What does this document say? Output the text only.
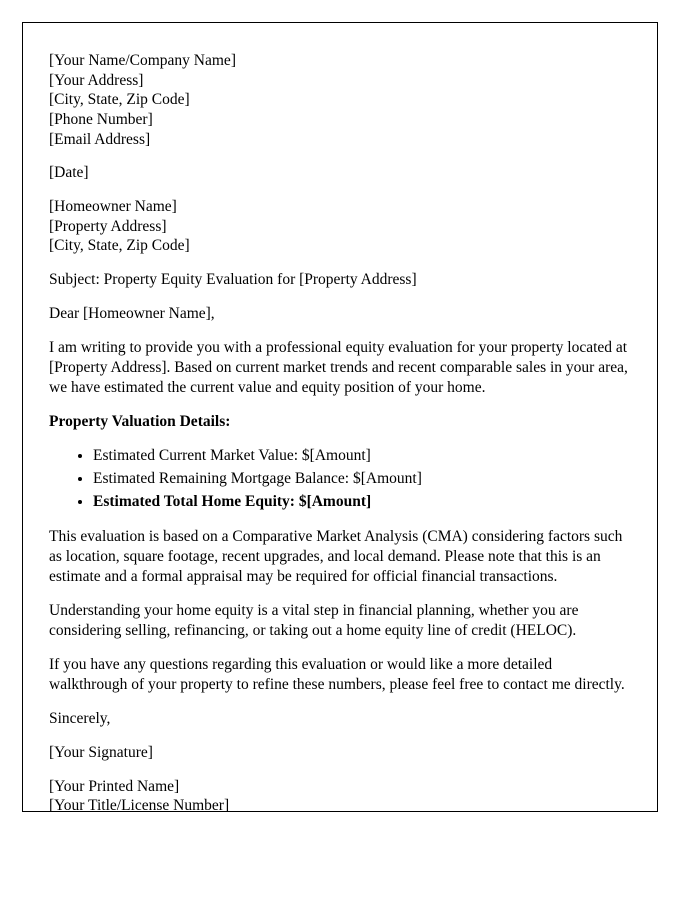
[Your Name/Company Name]
[Your Address]
[City, State, Zip Code]
[Phone Number]
[Email Address]
[Date]
[Homeowner Name]
[Property Address]
[City, State, Zip Code]

Subject: Property Equity Evaluation for [Property Address]

Dear [Homeowner Name],

I am writing to provide you with a professional equity evaluation for your property located at [Property Address]. Based on current market trends and recent comparable sales in your area, we have estimated the current value and equity position of your home.

Property Valuation Details:

• Estimated Current Market Value: $[Amount]
• Estimated Remaining Mortgage Balance: $[Amount]
• Estimated Total Home Equity: $[Amount]

This evaluation is based on a Comparative Market Analysis (CMA) considering factors such as location, square footage, recent upgrades, and local demand. Please note that this is an estimate and a formal appraisal may be required for official financial transactions.

Understanding your home equity is a vital step in financial planning, whether you are considering selling, refinancing, or taking out a home equity line of credit (HELOC).

If you have any questions regarding this evaluation or would like a more detailed walkthrough of your property to refine these numbers, please feel free to contact me directly.

Sincerely,

[Your Signature]

[Your Printed Name]
[Your Title/License Number]
